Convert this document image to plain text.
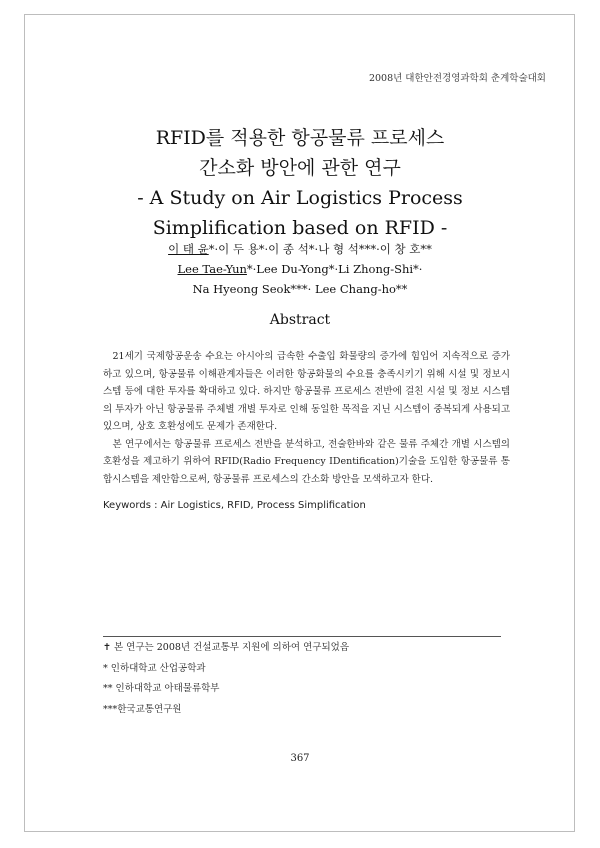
2008년 대한안전경영과학회 춘계학술대회
RFID를 적용한 항공물류 프로세스
간소화 방안에 관한 연구
- A Study on Air Logistics Process
Simplification based on RFID -
이 태 윤*·이 두 용*·이 종 석*·나 형 석***·이 창 호**
Lee Tae-Yun*·Lee Du-Yong*·Li Zhong-Shi*·
Na Hyeong Seok***· Lee Chang-ho**
Abstract

21세기 국제항공운송 수요는 아시아의 급속한 수출입 화물량의 증가에 힘입어 지속적으로 증가하고 있으며, 항공물류 이해관계자들은 이러한 항공화물의 수요를 충족시키기 위해 시설 및 정보시스템 등에 대한 투자를 확대하고 있다. 하지만 항공물류 프로세스 전반에 걸친 시설 및 정보 시스템의 투자가 아닌 항공물류 주체별 개별 투자로 인해 동일한 목적을 지닌 시스템이 중복되게 사용되고 있으며, 상호 호환성에도 문제가 존재한다.

본 연구에서는 항공물류 프로세스 전반을 분석하고, 전술한바와 같은 물류 주체간 개별 시스템의 호환성을 제고하기 위하여 RFID(Radio Frequency IDentification)기술을 도입한 항공물류 통합시스템을 제안함으로써, 항공물류 프로세스의 간소화 방안을 모색하고자 한다.

Keywords : Air Logistics, RFID, Process Simplification
✝ 본 연구는 2008년 건설교통부 지원에 의하여 연구되었음
* 인하대학교 산업공학과
** 인하대학교 아태물류학부
***한국교통연구원
367
